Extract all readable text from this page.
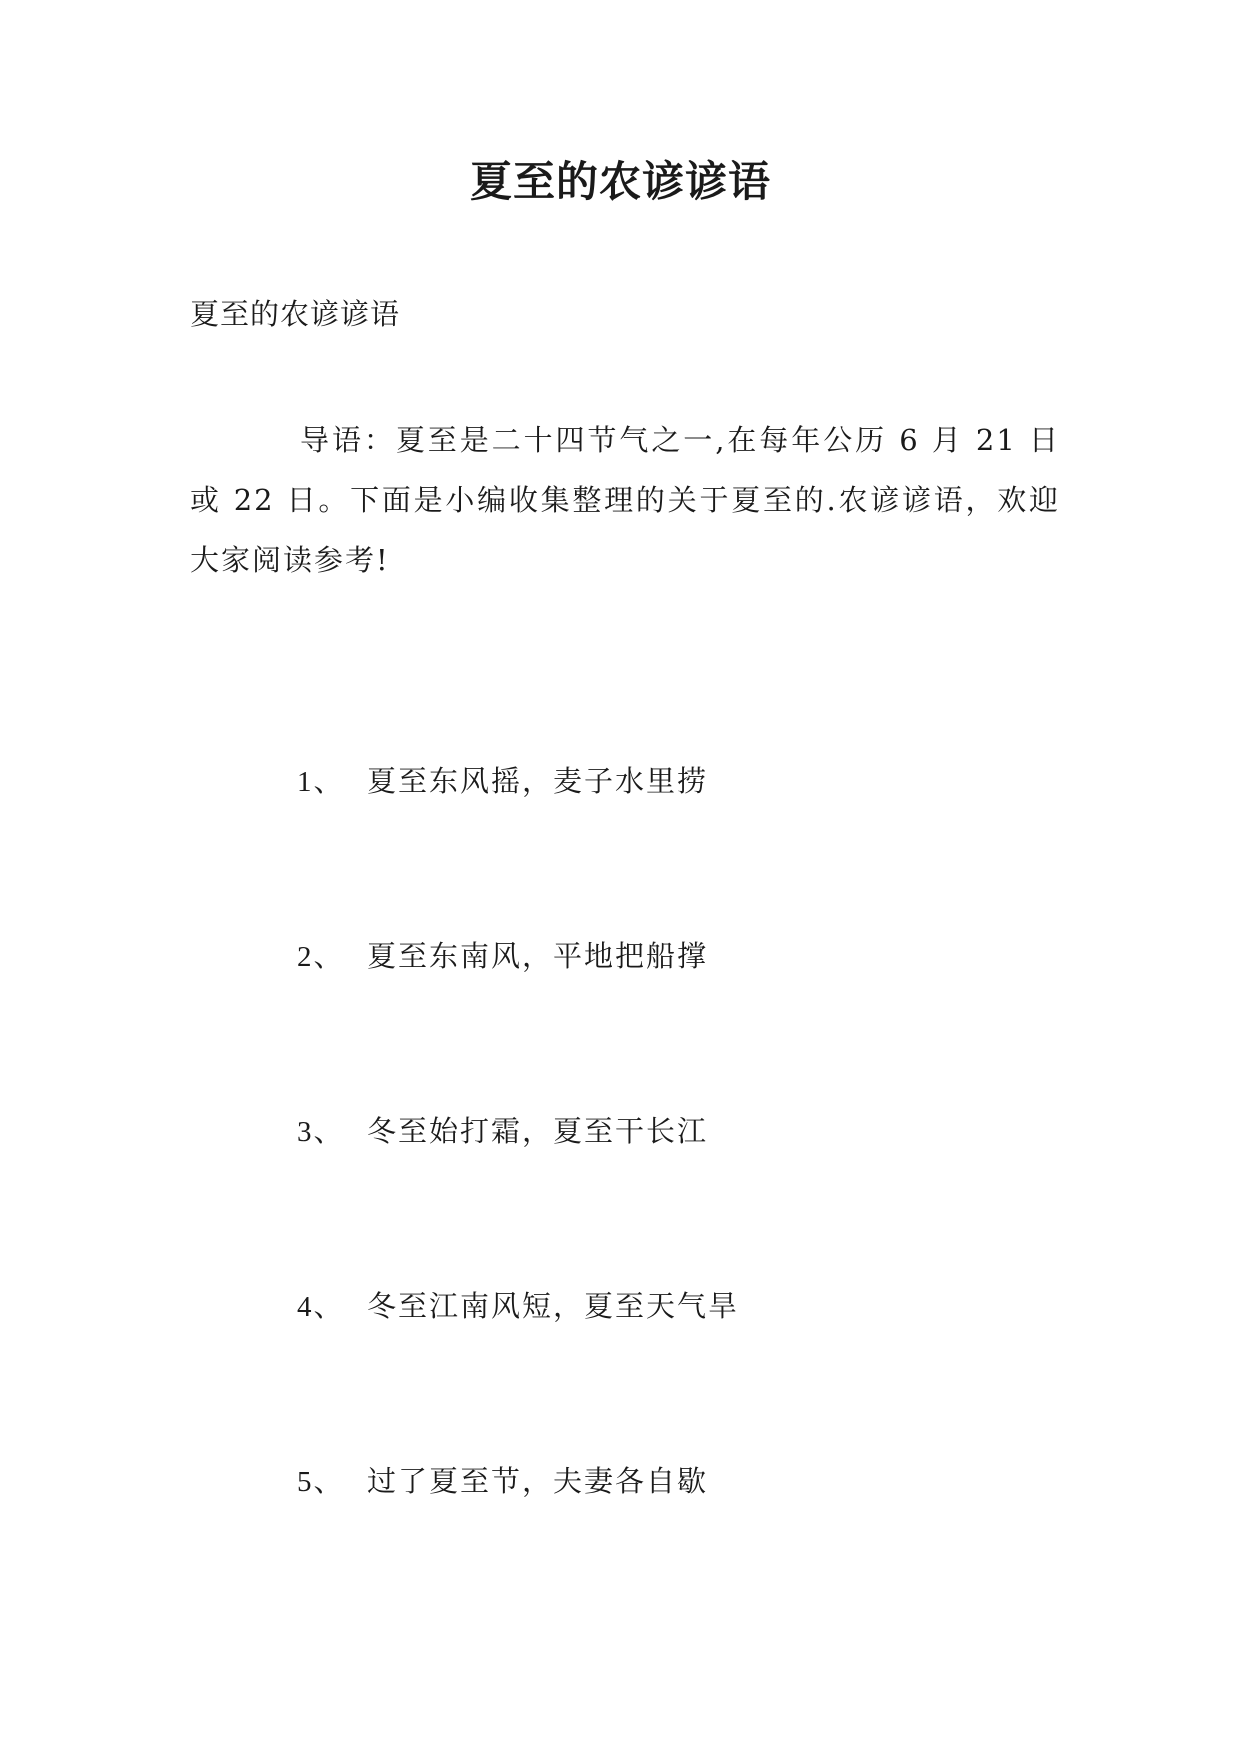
夏至的农谚谚语
夏至的农谚谚语

导语：夏至是二十四节气之一,在每年公历 6 月 21 日或 22 日。下面是小编收集整理的关于夏至的.农谚谚语，欢迎大家阅读参考!

1、 夏至东风摇，麦子水里捞
2、 夏至东南风，平地把船撑
3、 冬至始打霜，夏至干长江
4、 冬至江南风短，夏至天气旱
5、 过了夏至节，夫妻各自歇
